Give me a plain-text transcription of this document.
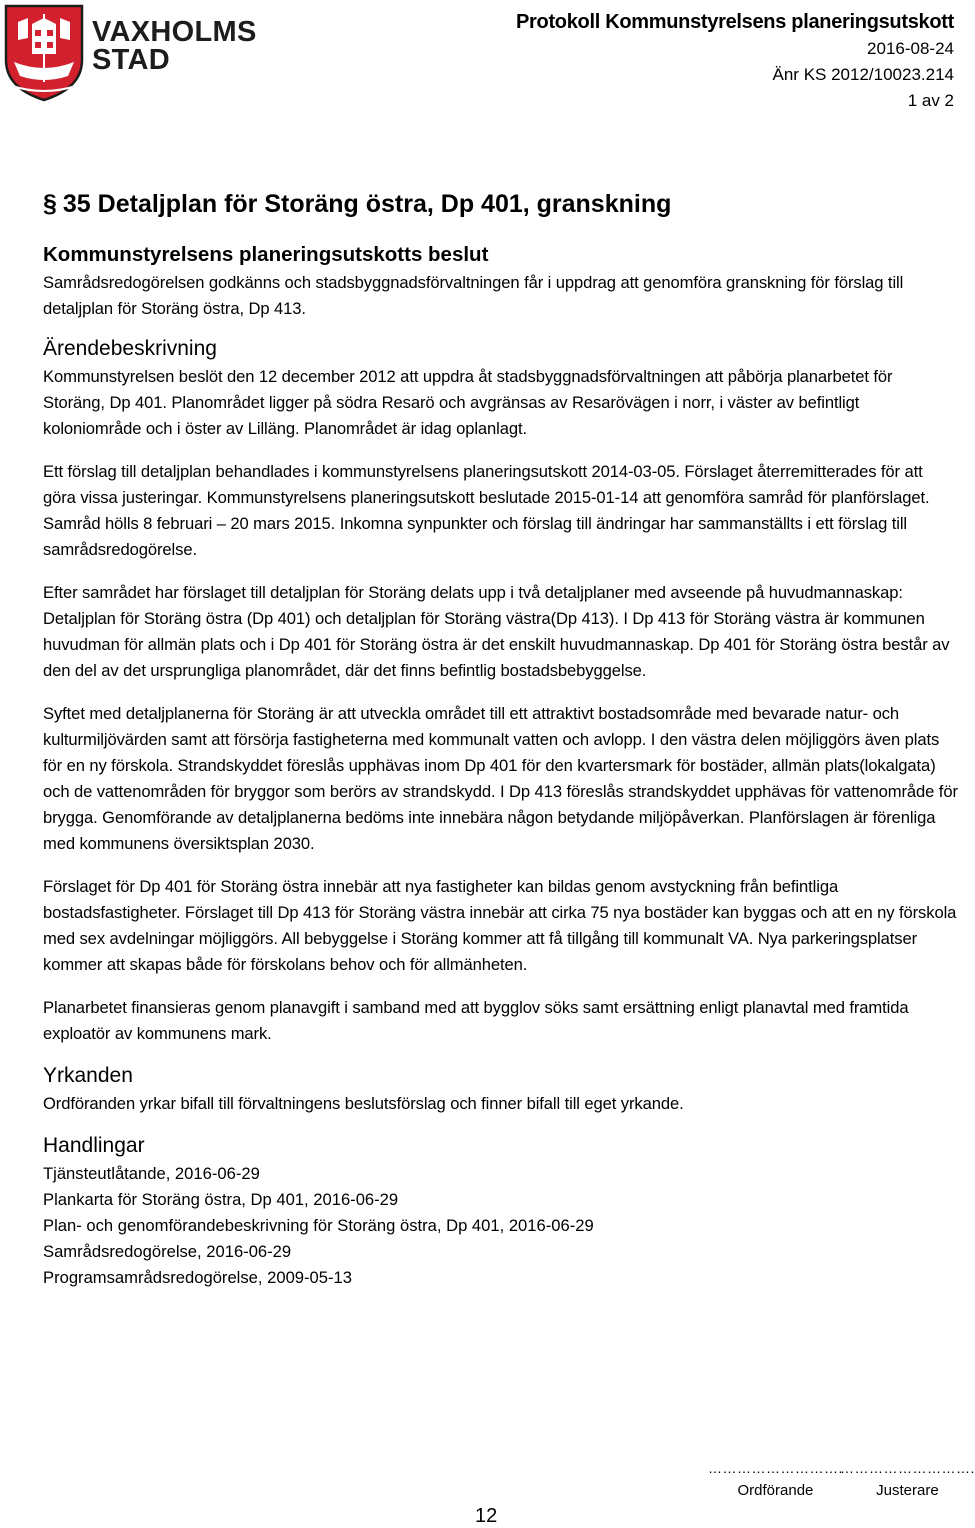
VAXHOLMS
STAD
Protokoll Kommunstyrelsens planeringsutskott
2016-08-24
Änr KS 2012/10023.214
1 av 2
§ 35 Detaljplan för Storäng östra, Dp 401, granskning
Kommunstyrelsens planeringsutskotts beslut

Samrådsredogörelsen godkänns och stadsbyggnadsförvaltningen får i uppdrag att genomföra granskning för förslag till detaljplan för Storäng östra, Dp 413.

Ärendebeskrivning

Kommunstyrelsen beslöt den 12 december 2012 att uppdra åt stadsbyggnadsförvaltningen att påbörja planarbetet för Storäng, Dp 401. Planområdet ligger på södra Resarö och avgränsas av Resarövägen i norr, i väster av befintligt koloniområde och i öster av Lilläng. Planområdet är idag oplanlagt.

Ett förslag till detaljplan behandlades i kommunstyrelsens planeringsutskott 2014-03-05. Förslaget återremitterades för att göra vissa justeringar. Kommunstyrelsens planeringsutskott beslutade 2015-01-14 att genomföra samråd för planförslaget. Samråd hölls 8 februari – 20 mars 2015. Inkomna synpunkter och förslag till ändringar har sammanställts i ett förslag till samrådsredogörelse.

Efter samrådet har förslaget till detaljplan för Storäng delats upp i två detaljplaner med avseende på huvudmannaskap: Detaljplan för Storäng östra (Dp 401) och detaljplan för Storäng västra(Dp 413). I Dp 413 för Storäng västra är kommunen huvudman för allmän plats och i Dp 401 för Storäng östra är det enskilt huvudmannaskap. Dp 401 för Storäng östra består av den del av det ursprungliga planområdet, där det finns befintlig bostadsbebyggelse.

Syftet med detaljplanerna för Storäng är att utveckla området till ett attraktivt bostadsområde med bevarade natur- och kulturmiljövärden samt att försörja fastigheterna med kommunalt vatten och avlopp. I den västra delen möjliggörs även plats för en ny förskola. Strandskyddet föreslås upphävas inom Dp 401 för den kvartersmark för bostäder, allmän plats(lokalgata) och de vattenområden för bryggor som berörs av strandskydd. I Dp 413 föreslås strandskyddet upphävas för vattenområde för brygga. Genomförande av detaljplanerna bedöms inte innebära någon betydande miljöpåverkan. Planförslagen är förenliga med kommunens översiktsplan 2030.

Förslaget för Dp 401 för Storäng östra innebär att nya fastigheter kan bildas genom avstyckning från befintliga bostadsfastigheter. Förslaget till Dp 413 för Storäng västra innebär att cirka 75 nya bostäder kan byggas och att en ny förskola med sex avdelningar möjliggörs. All bebyggelse i Storäng kommer att få tillgång till kommunalt VA. Nya parkeringsplatser kommer att skapas både för förskolans behov och för allmänheten.

Planarbetet finansieras genom planavgift i samband med att bygglov söks samt ersättning enligt planavtal med framtida exploatör av kommunens mark.

Yrkanden

Ordföranden yrkar bifall till förvaltningens beslutsförslag och finner bifall till eget yrkande.

Handlingar
Tjänsteutlåtande, 2016-06-29
Plankarta för Storäng östra, Dp 401, 2016-06-29
Plan- och genomförandebeskrivning för Storäng östra, Dp 401, 2016-06-29
Samrådsredogörelse, 2016-06-29
Programsamrådsredogörelse, 2009-05-13
12
……………………….
Ordförande
……………………….
Justerare
